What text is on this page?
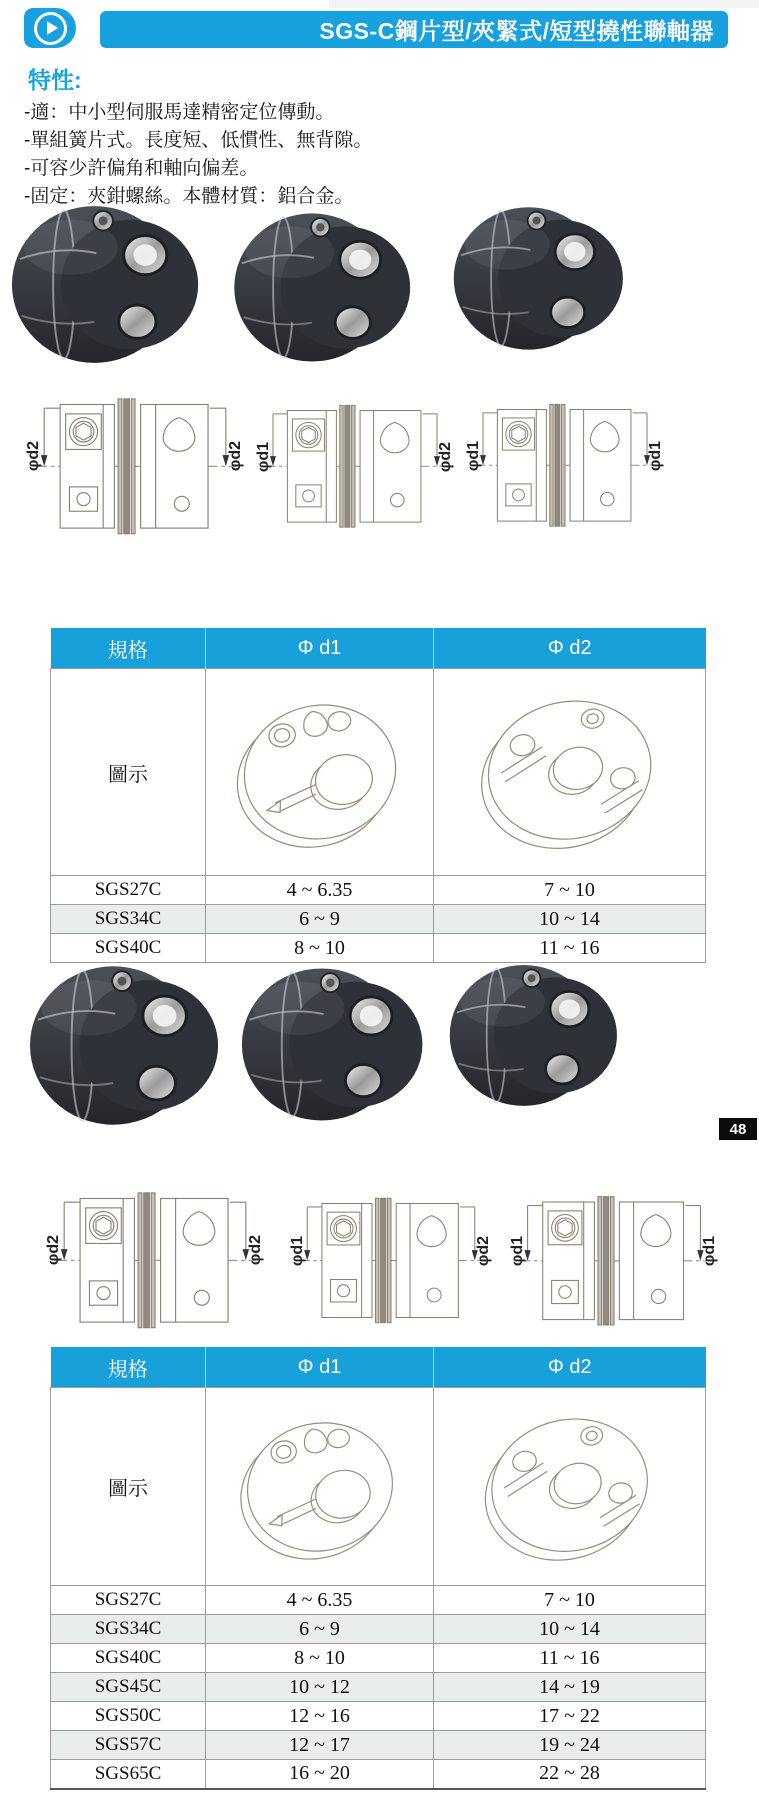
SGS-C鋼片型/夾緊式/短型撓性聯軸器
特性:
-適：中小型伺服馬達精密定位傳動。
-單組簧片式。長度短、低慣性、無背隙。
-可容少許偏角和軸向偏差。
-固定：夾鉗螺絲。本體材質：鋁合金。
φd2	φd2 φd1	φd2 φd1	φd1
規格	Φ d1	Φ d2
圖示	

SGS27C	4 ~ 6.35	7 ~ 10
SGS34C	6 ~ 9	10 ~ 14
SGS40C	8 ~ 10	11 ~ 16
48
φd2	φd2 φd1	φd2 φd1	φd1
規格	Φ d1	Φ d2
圖示	

SGS27C	4 ~ 6.35	7 ~ 10
SGS34C	6 ~ 9	10 ~ 14
SGS40C	8 ~ 10	11 ~ 16
SGS45C	10 ~ 12	14 ~ 19
SGS50C	12 ~ 16	17 ~ 22
SGS57C	12 ~ 17	19 ~ 24
SGS65C	16 ~ 20	22 ~ 28
